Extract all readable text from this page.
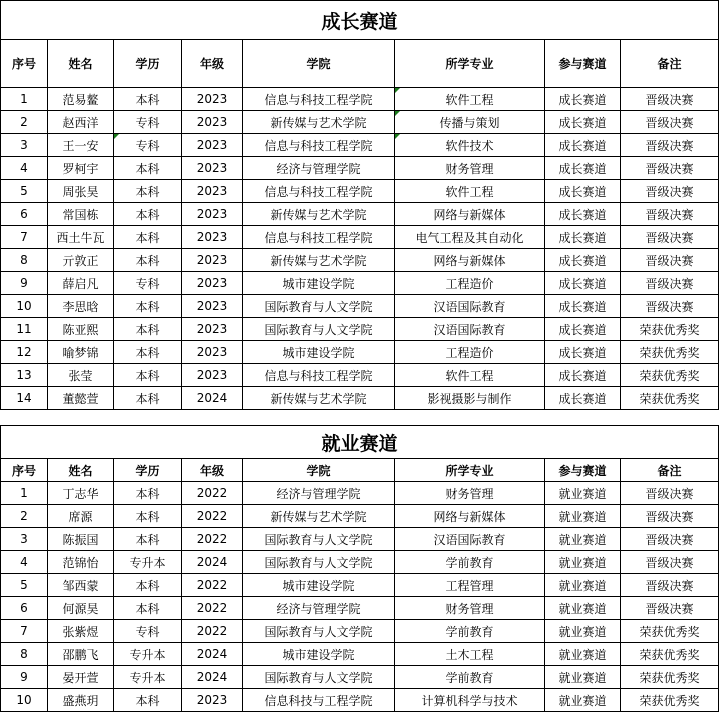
成长赛道							
序号	姓名	学历	年级	学院	所学专业	参与赛道	备注
1	范易鳌	本科	2023	信息与科技工程学院	软件工程	成长赛道	晋级决赛
2	赵西洋	专科	2023	新传媒与艺术学院	传播与策划	成长赛道	晋级决赛
3	王一安	专科	2023	信息与科技工程学院	软件技术	成长赛道	晋级决赛
4	罗柯宇	本科	2023	经济与管理学院	财务管理	成长赛道	晋级决赛
5	周张昊	本科	2023	信息与科技工程学院	软件工程	成长赛道	晋级决赛
6	常国栋	本科	2023	新传媒与艺术学院	网络与新媒体	成长赛道	晋级决赛
7	西土牛瓦	本科	2023	信息与科技工程学院	电气工程及其自动化	成长赛道	晋级决赛
8	亓敦正	本科	2023	新传媒与艺术学院	网络与新媒体	成长赛道	晋级决赛
9	薛启凡	专科	2023	城市建设学院	工程造价	成长赛道	晋级决赛
10	李思晗	本科	2023	国际教育与人文学院	汉语国际教育	成长赛道	晋级决赛
11	陈亚熙	本科	2023	国际教育与人文学院	汉语国际教育	成长赛道	荣获优秀奖
12	喻梦锦	本科	2023	城市建设学院	工程造价	成长赛道	荣获优秀奖
13	张莹	本科	2023	信息与科技工程学院	软件工程	成长赛道	荣获优秀奖
14	董懿萱	本科	2024	新传媒与艺术学院	影视摄影与制作	成长赛道	荣获优秀奖
就业赛道							
序号	姓名	学历	年级	学院	所学专业	参与赛道	备注
1	丁志华	本科	2022	经济与管理学院	财务管理	就业赛道	晋级决赛
2	席源	本科	2022	新传媒与艺术学院	网络与新媒体	就业赛道	晋级决赛
3	陈振国	本科	2022	国际教育与人文学院	汉语国际教育	就业赛道	晋级决赛
4	范锦怡	专升本	2024	国际教育与人文学院	学前教育	就业赛道	晋级决赛
5	邹西蒙	本科	2022	城市建设学院	工程管理	就业赛道	晋级决赛
6	何源昊	本科	2022	经济与管理学院	财务管理	就业赛道	晋级决赛
7	张紫煜	专科	2022	国际教育与人文学院	学前教育	就业赛道	荣获优秀奖
8	邵鹏飞	专升本	2024	城市建设学院	土木工程	就业赛道	荣获优秀奖
9	晏开萱	专升本	2024	国际教育与人文学院	学前教育	就业赛道	荣获优秀奖
10	盛燕玥	本科	2023	信息科技与工程学院	计算机科学与技术	就业赛道	荣获优秀奖
